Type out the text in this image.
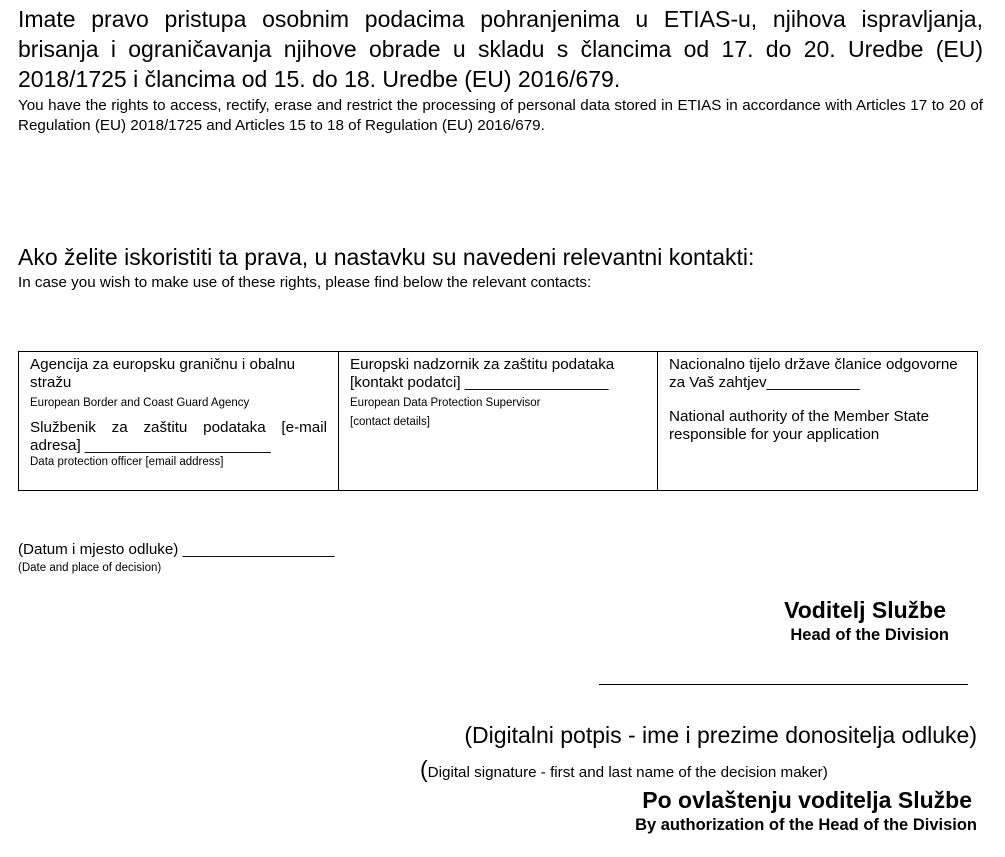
Imate pravo pristupa osobnim podacima pohranjenima u ETIAS-u, njihova ispravljanja, brisanja i ograničavanja njihove obrade u skladu s člancima od 17. do 20. Uredbe (EU) 2018/1725 i člancima od 15. do 18. Uredbe (EU) 2016/679.
You have the rights to access, rectify, erase and restrict the processing of personal data stored in ETIAS in accordance with Articles 17 to 20 of Regulation (EU) 2018/1725 and Articles 15 to 18 of Regulation (EU) 2016/679.
Ako želite iskoristiti ta prava, u nastavku su navedeni relevantni kontakti:
In case you wish to make use of these rights, please find below the relevant contacts:
Agencija za europsku graničnu i obalnu stražu
European Border and Coast Guard Agency
Službenik za zaštitu podataka [e-mail adresa] ______________________
Data protection officer [email address]

Europski nadzornik za zaštitu podataka [kontakt podatci] _________________
European Data Protection Supervisor
[contact details]

Nacionalno tijelo države članice odgovorne za Vaš zahtjev___________
National authority of the Member State responsible for your application
(Datum i mjesto odluke) __________________
(Date and place of decision)
Voditelj Službe
Head of the Division
(Digitalni potpis - ime i prezime donositelja odluke)
(Digital signature - first and last name of the decision maker)
Po ovlaštenju voditelja Službe
By authorization of the Head of the Division
